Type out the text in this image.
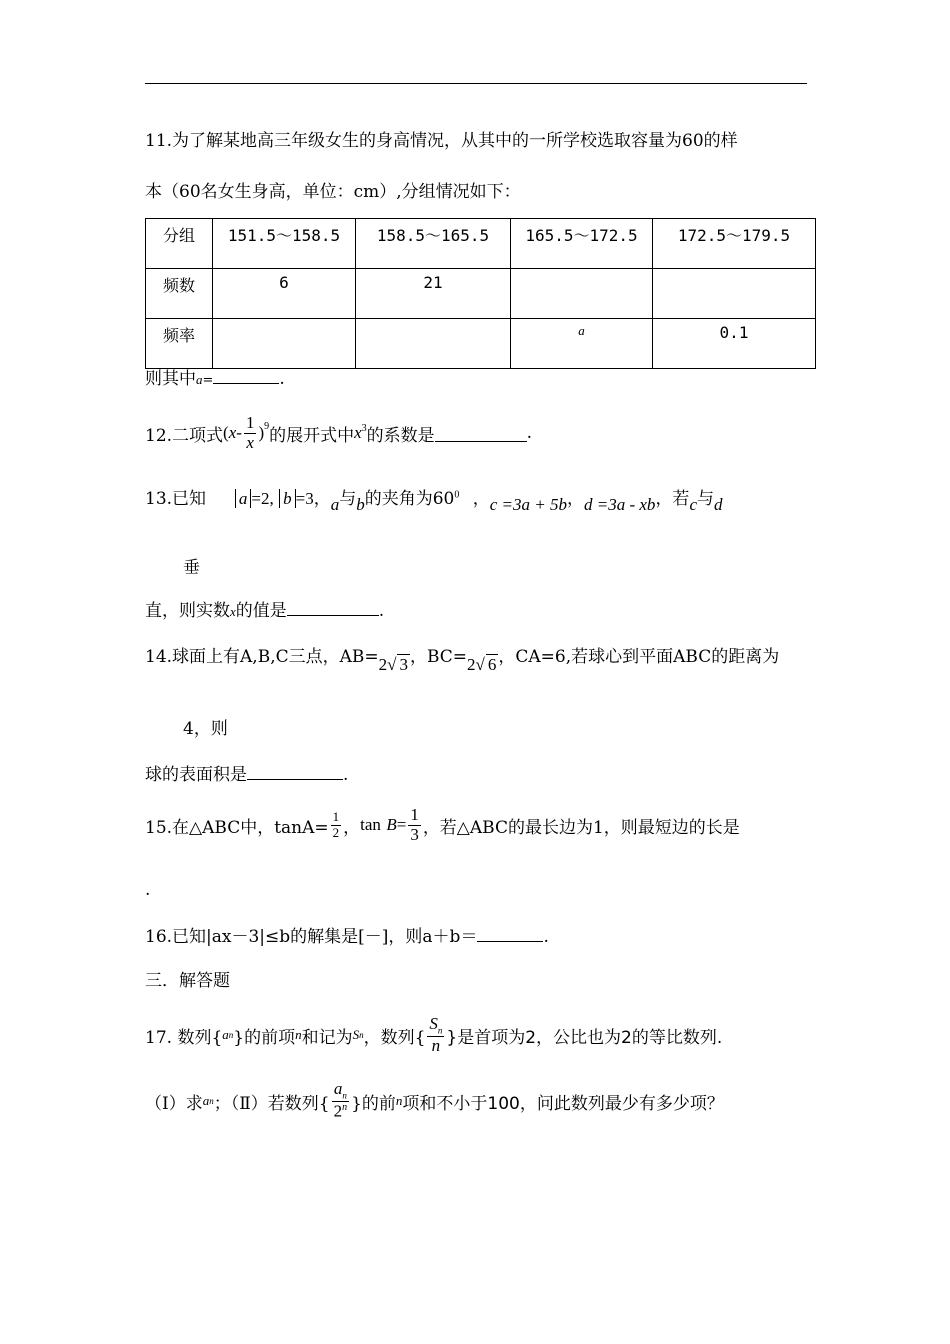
11.为了解某地高三年级女生的身高情况，从其中的一所学校选取容量为60的样
本（60名女生身高，单位：cm）,分组情况如下：
分组	151.5～158.5	158.5～165.5	165.5～172.5	172.5～179.5
频数	6	21		
频率			a	0.1
则其中a=	.
12.二项式 ( x - $\frac{1}{x}$ ) 9 的展开式中 x 3 的系数是	.
13.已知 a =2, b =3，a与b的夹角为$60^0$ ，c =3a + 5b，d =3a - xb，若c与d
垂
直，则实数x的值是	.
14.球面上有A,B,C三点，AB=2√ 3 ，BC=2√ 6 ，CA=6,若球心到平面ABC的距离为
4，则
球的表面积是	.
15.在△ABC中，$\tan A= \frac{1}{2}$ ， tan
$B = \frac{1}{3}$ ，若△ABC的最长边为1，则最短边的长是
.
16.已知|ax－3|≤b的解集是[－]，则a＋b＝	.
三．解答题
17. 数列{ a n }的前项 n 和记为 S n ，数列{ $\frac{S_n}{n}$ }是首项为2，公比也为2的等比数列.
（Ⅰ）求 a n ；（Ⅱ）若数列{ $\frac{a_n}{2^n}$ }的前 n 项和不小于100，问此数列最少有多少项？
